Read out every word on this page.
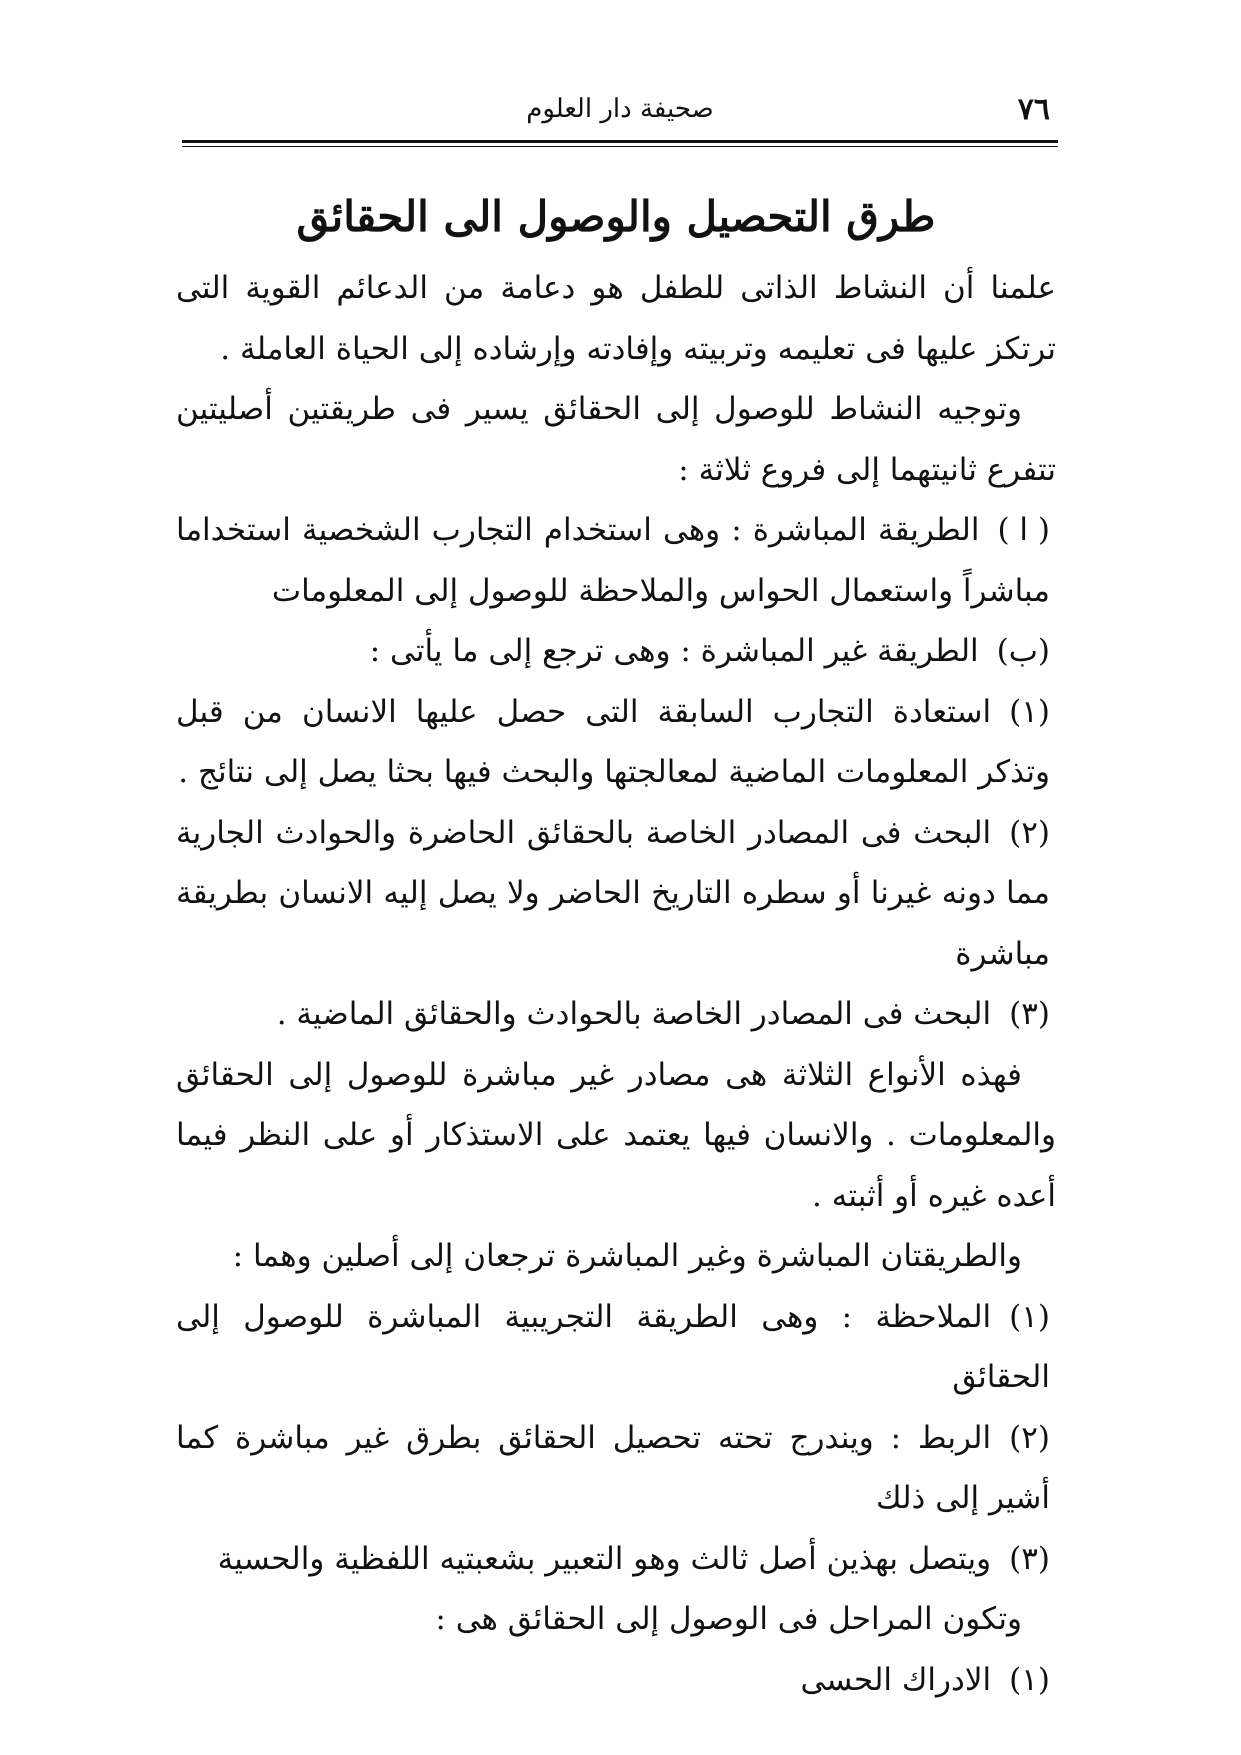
٧٦
صحيفة دار العلوم
طرق التحصيل والوصول الى الحقائق

علمنا أن النشاط الذاتى للطفل هو دعامة من الدعائم القوية التى ترتكز عليها فى تعليمه وتربيته وإفادته وإرشاده إلى الحياة العاملة .

وتوجيه النشاط للوصول إلى الحقائق يسير فى طريقتين أصليتين تتفرع ثانيتهما إلى فروع ثلاثة :

( ا )الطريقة المباشرة : وهى استخدام التجارب الشخصية استخداما مباشراً واستعمال الحواس والملاحظة للوصول إلى المعلومات

(ب)الطريقة غير المباشرة : وهى ترجع إلى ما يأتى :

(١)استعادة التجارب السابقة التى حصل عليها الانسان من قبل وتذكر المعلومات الماضية لمعالجتها والبحث فيها بحثا يصل إلى نتائج .

(٢)البحث فى المصادر الخاصة بالحقائق الحاضرة والحوادث الجارية مما دونه غيرنا أو سطره التاريخ الحاضر ولا يصل إليه الانسان بطريقة مباشرة

(٣)البحث فى المصادر الخاصة بالحوادث والحقائق الماضية .

فهذه الأنواع الثلاثة هى مصادر غير مباشرة للوصول إلى الحقائق والمعلومات . والانسان فيها يعتمد على الاستذكار أو على النظر فيما أعده غيره أو أثبته .

والطريقتان المباشرة وغير المباشرة ترجعان إلى أصلين وهما :

(١)الملاحظة : وهى الطريقة التجريبية المباشرة للوصول إلى الحقائق

(٢)الربط : ويندرج تحته تحصيل الحقائق بطرق غير مباشرة كما أشير إلى ذلك

(٣)ويتصل بهذين أصل ثالث وهو التعبير بشعبتيه اللفظية والحسية

وتكون المراحل فى الوصول إلى الحقائق هى :

(١)الادراك الحسى
